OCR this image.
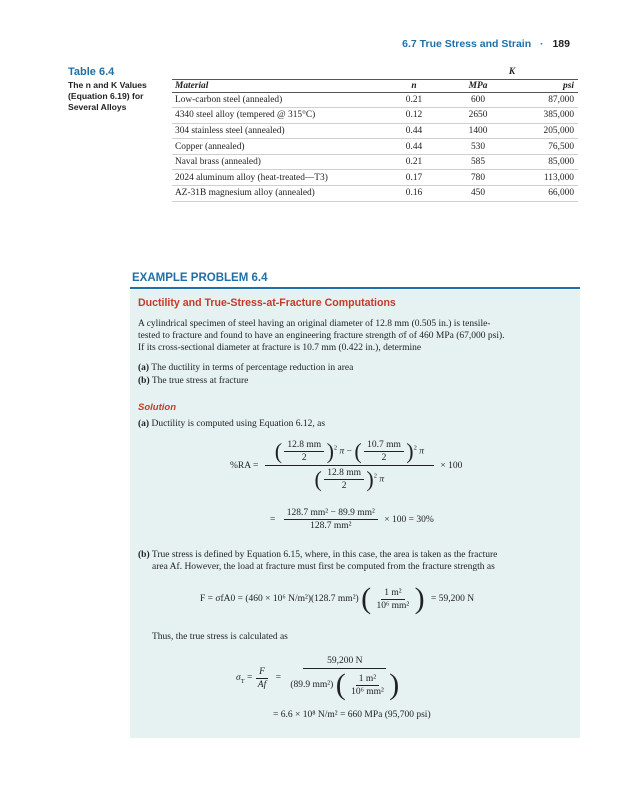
6.7 True Stress and Strain · 189
Table 6.4
The n and K Values (Equation 6.19) for Several Alloys
		K	
Material	n	MPa	psi
Low-carbon steel (annealed)	0.21	600	87,000
4340 steel alloy (tempered @ 315°C)	0.12	2650	385,000
304 stainless steel (annealed)	0.44	1400	205,000
Copper (annealed)	0.44	530	76,500
Naval brass (annealed)	0.21	585	85,000
2024 aluminum alloy (heat-treated—T3)	0.17	780	113,000
AZ-31B magnesium alloy (annealed)	0.16	450	66,000
EXAMPLE PROBLEM 6.4
Ductility and True-Stress-at-Fracture Computations
A cylindrical specimen of steel having an original diameter of 12.8 mm (0.505 in.) is tensile-
tested to fracture and found to have an engineering fracture strength σf of 460 MPa (67,000 psi).
If its cross-sectional diameter at fracture is 10.7 mm (0.422 in.), determine
(a) The ductility in terms of percentage reduction in area
(b) The true stress at fracture
Solution
(a) Ductility is computed using Equation 6.12, as
%RA =
( $\frac{12.8 mm}{2} )^2$ π − ( $\frac{10.7 mm}{2} )^2$ π
( $\frac{12.8 mm}{2} )^2$ π
× 100
= $\frac{\text{128.7 mm² − 89.9 mm²}}{\text{128.7 mm²}} \times 100 = 30\%$
(b) True stress is defined by Equation 6.15, where, in this case, the area is taken as the fracture
area Af. However, the load at fracture must first be computed from the fracture strength as
F = σfA0 = (460 × 10⁶ N/m²)(128.7 mm²) ( $\frac{\text{1 m²}}{\text{10⁶ mm²}}$ ) = 59,200 N
Thus, the true stress is calculated as
$\sigma_T = \frac{F}{Af}$ =
59,200 N
(89.9 mm²) ( $\frac{\text{1 m²}}{\text{10⁶ mm²}}$ )
= 6.6 × 10⁸ N/m² = 660 MPa (95,700 psi)
